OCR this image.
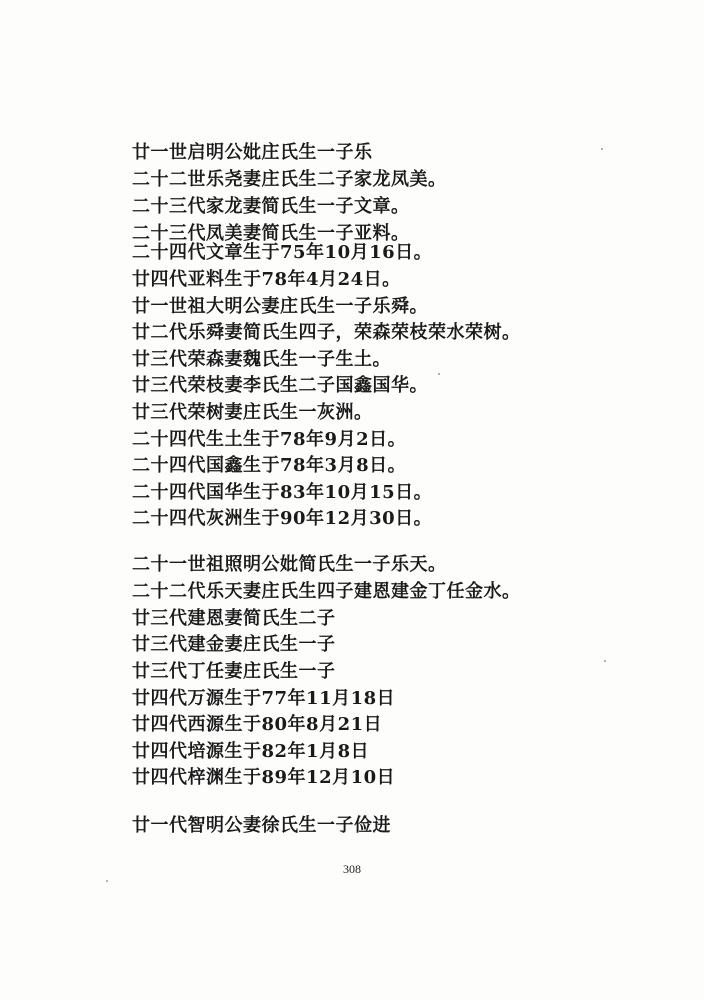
廿一世启明公妣庄氏生一子乐
二十二世乐尧妻庄氏生二子家龙凤美。
二十三代家龙妻简氏生一子文章。
二十三代凤美妻简氏生一子亚料。
二十四代文章生于75年10月16日。
廿四代亚料生于78年4月24日。
廿一世祖大明公妻庄氏生一子乐舜。
廿二代乐舜妻简氏生四子，荣森荣枝荣水荣树。
廿三代荣森妻魏氏生一子生土。
廿三代荣枝妻李氏生二子国鑫国华。
廿三代荣树妻庄氏生一灰洲。
二十四代生土生于78年9月2日。
二十四代国鑫生于78年3月8日。
二十四代国华生于83年10月15日。
二十四代灰洲生于90年12月30日。
二十一世祖照明公妣简氏生一子乐天。
二十二代乐天妻庄氏生四子建恩建金丁任金水。
廿三代建恩妻简氏生二子
廿三代建金妻庄氏生一子
廿三代丁任妻庄氏生一子
廿四代万源生于77年11月18日
廿四代西源生于80年8月21日
廿四代培源生于82年1月8日
廿四代梓渊生于89年12月10日
廿一代智明公妻徐氏生一子俭进
308
